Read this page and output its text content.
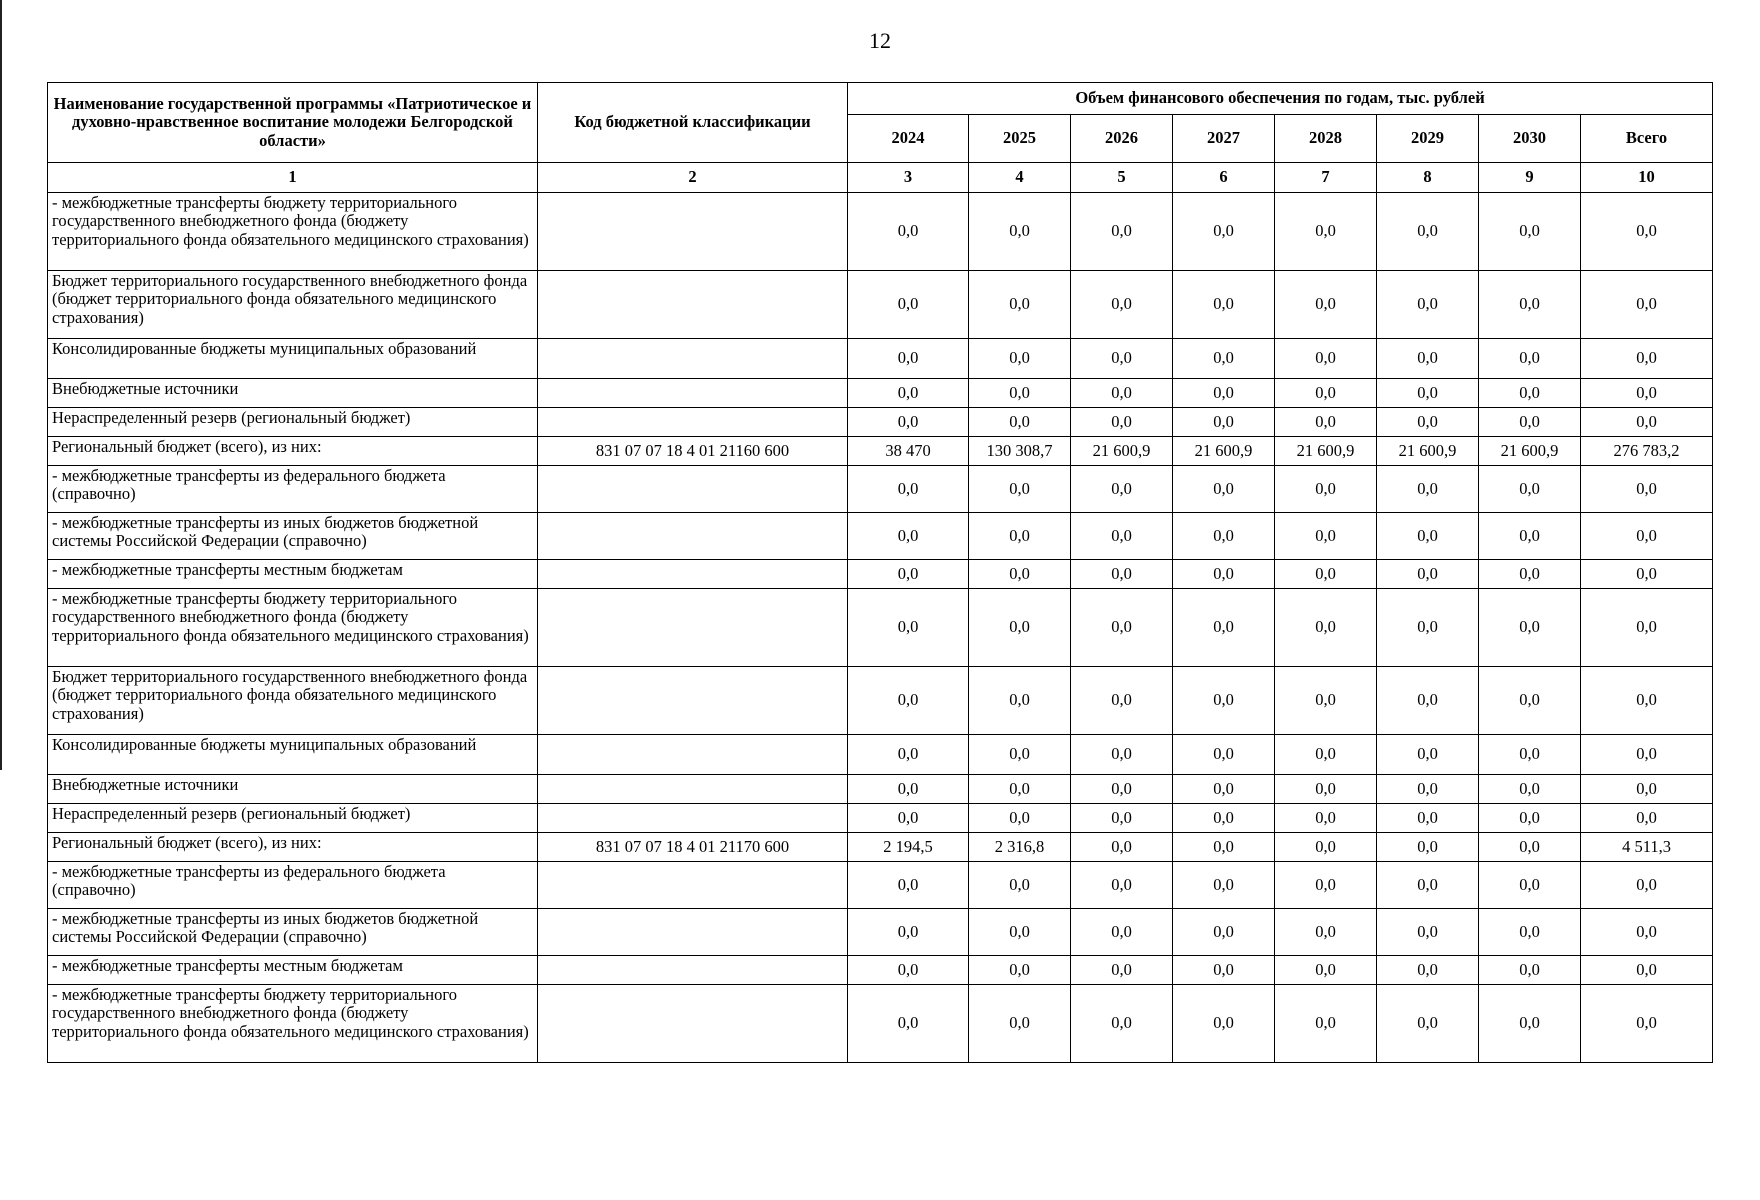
12
Наименование государственной программы «Патриотическое и духовно-нравственное воспитание молодежи Белгородской области»	Код бюджетной классификации	Объем финансового обеспечения по годам, тыс. рублей							
		2024	2025	2026	2027	2028	2029	2030	Всего
1	2	3	4	5	6	7	8	9	10
- межбюджетные трансферты бюджету территориального государственного внебюджетного фонда (бюджету территориального фонда обязательного медицинского страхования)		0,0	0,0	0,0	0,0	0,0	0,0	0,0	0,0
Бюджет территориального государственного внебюджетного фонда (бюджет территориального фонда обязательного медицинского страхования)		0,0	0,0	0,0	0,0	0,0	0,0	0,0	0,0
Консолидированные бюджеты муниципальных образований		0,0	0,0	0,0	0,0	0,0	0,0	0,0	0,0
Внебюджетные источники		0,0	0,0	0,0	0,0	0,0	0,0	0,0	0,0
Нераспределенный резерв (региональный бюджет)		0,0	0,0	0,0	0,0	0,0	0,0	0,0	0,0
Региональный бюджет (всего), из них:	831 07 07 18 4 01 21160 600	38 470	130 308,7	21 600,9	21 600,9	21 600,9	21 600,9	21 600,9	276 783,2
- межбюджетные трансферты из федерального бюджета (справочно)		0,0	0,0	0,0	0,0	0,0	0,0	0,0	0,0
- межбюджетные трансферты из иных бюджетов бюджетной системы Российской Федерации (справочно)		0,0	0,0	0,0	0,0	0,0	0,0	0,0	0,0
- межбюджетные трансферты местным бюджетам		0,0	0,0	0,0	0,0	0,0	0,0	0,0	0,0
- межбюджетные трансферты бюджету территориального государственного внебюджетного фонда (бюджету территориального фонда обязательного медицинского страхования)		0,0	0,0	0,0	0,0	0,0	0,0	0,0	0,0
Бюджет территориального государственного внебюджетного фонда (бюджет территориального фонда обязательного медицинского страхования)		0,0	0,0	0,0	0,0	0,0	0,0	0,0	0,0
Консолидированные бюджеты муниципальных образований		0,0	0,0	0,0	0,0	0,0	0,0	0,0	0,0
Внебюджетные источники		0,0	0,0	0,0	0,0	0,0	0,0	0,0	0,0
Нераспределенный резерв (региональный бюджет)		0,0	0,0	0,0	0,0	0,0	0,0	0,0	0,0
Региональный бюджет (всего), из них:	831 07 07 18 4 01 21170 600	2 194,5	2 316,8	0,0	0,0	0,0	0,0	0,0	4 511,3
- межбюджетные трансферты из федерального бюджета (справочно)		0,0	0,0	0,0	0,0	0,0	0,0	0,0	0,0
- межбюджетные трансферты из иных бюджетов бюджетной системы Российской Федерации (справочно)		0,0	0,0	0,0	0,0	0,0	0,0	0,0	0,0
- межбюджетные трансферты местным бюджетам		0,0	0,0	0,0	0,0	0,0	0,0	0,0	0,0
- межбюджетные трансферты бюджету территориального государственного внебюджетного фонда (бюджету территориального фонда обязательного медицинского страхования)		0,0	0,0	0,0	0,0	0,0	0,0	0,0	0,0
